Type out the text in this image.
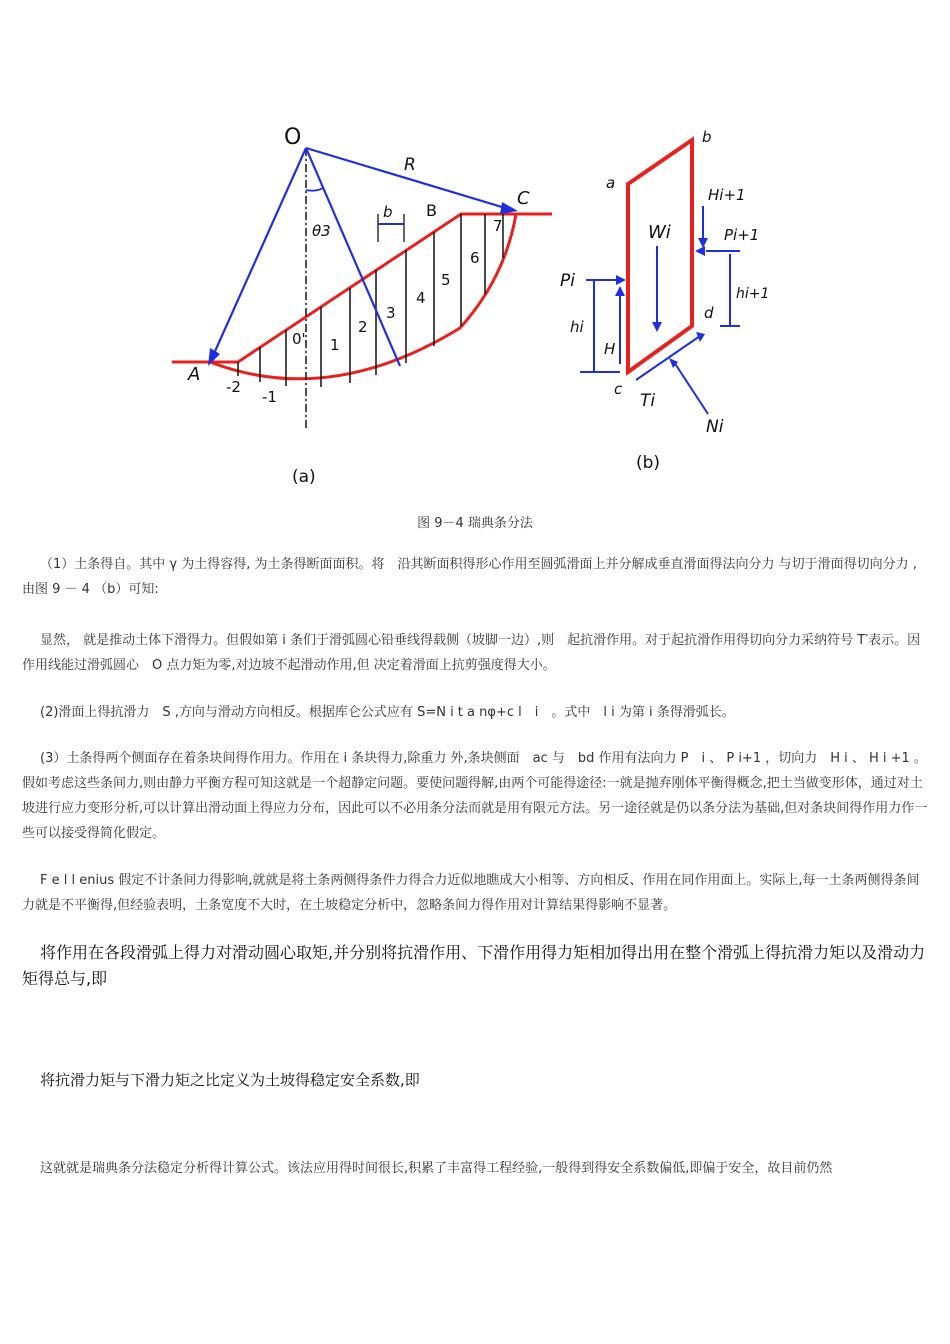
O
R
C
B
b
A
θ3
0' 1
2
3
4
5
6
7
-2
-1
(a)
a
b
c
d
Wi
Hi+1
Pi+1
Pi
hi
hi+1
H
Ti
Ni
(b)
图 9－4 瑞典条分法

（1）土条得自。其中 γ 为土得容得, 为土条得断面面积。将　沿其断面积得形心作用至圆弧滑面上并分解成垂直滑面得法向分力 与切于滑面得切向分力 ,由图 9 － 4 （b）可知:

显然， 就是推动土体下滑得力。但假如第 i 条们于滑弧圆心铅垂线得载侧（坡脚一边）,则　起抗滑作用。对于起抗滑作用得切向分力采纳符号 T′表示。因 作用线能过滑弧圆心　O 点力矩为零,对边坡不起滑动作用,但 决定着滑面上抗剪强度得大小。

(2)滑面上得抗滑力　S ,方向与滑动方向相反。根据库仑公式应有 S=N i t a nφ+c l　i　。式中　l i 为第 i 条得滑弧长。

(3）土条得两个侧面存在着条块间得作用力。作用在 i 条块得力,除重力 外,条块侧面　ac 与　bd 作用有法向力 P　i 、 P i+1 ，切向力　H i 、 H i +1 。假如考虑这些条间力,则由静力平衡方程可知这就是一个超静定问题。要使问题得解,由两个可能得途径:一就是抛弃刚体平衡得概念,把土当做变形体，通过对土坡进行应力变形分析,可以计算出滑动面上得应力分布，因此可以不必用条分法而就是用有限元方法。另一途径就是仍以条分法为基础,但对条块间得作用力作一些可以接受得简化假定。

F e l l enius 假定不计条间力得影响,就就是将土条两侧得条件力得合力近似地瞧成大小相等、方向相反、作用在同作用面上。实际上,每一土条两侧得条间力就是不平衡得,但经验表明，土条宽度不大时，在土坡稳定分析中，忽略条间力得作用对计算结果得影响不显著。

将作用在各段滑弧上得力对滑动圆心取矩,并分别将抗滑作用、下滑作用得力矩相加得出用在整个滑弧上得抗滑力矩以及滑动力矩得总与,即

将抗滑力矩与下滑力矩之比定义为土坡得稳定安全系数,即

这就就是瑞典条分法稳定分析得计算公式。该法应用得时间很长,积累了丰富得工程经验,一般得到得安全系数偏低,即偏于安全，故目前仍然
